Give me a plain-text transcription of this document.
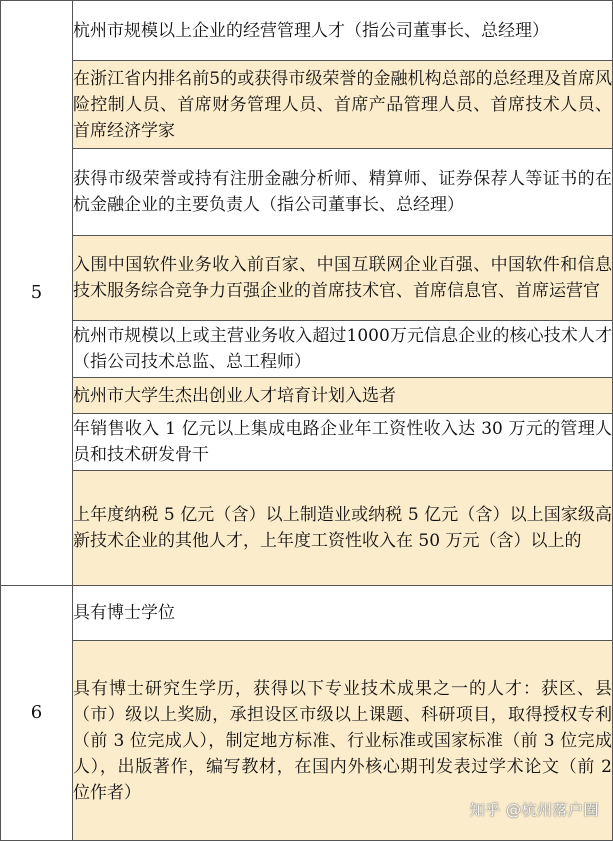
5	杭州市规模以上企业的经营管理人才（指公司董事长、总经理）
	在浙江省内排名前5的或获得市级荣誉的金融机构总部的总经理及首席风险控制人员、首席财务管理人员、首席产品管理人员、首席技术人员、首席经济学家
	获得市级荣誉或持有注册金融分析师、精算师、证券保荐人等证书的在杭金融企业的主要负责人（指公司董事长、总经理）
	入围中国软件业务收入前百家、中国互联网企业百强、中国软件和信息技术服务综合竞争力百强企业的首席技术官、首席信息官、首席运营官
	杭州市规模以上或主营业务收入超过1000万元信息企业的核心技术人才（指公司技术总监、总工程师）
	杭州市大学生杰出创业人才培育计划入选者
	年销售收入 1 亿元以上集成电路企业年工资性收入达 30 万元的管理人员和技术研发骨干
	上年度纳税 5 亿元（含）以上制造业或纳税 5 亿元（含）以上国家级高新技术企业的其他人才，上年度工资性收入在 50 万元（含）以上的
6	具有博士学位
	具有博士研究生学历，获得以下专业技术成果之一的人才：获区、县（市）级以上奖励，承担设区市级以上课题、科研项目，取得授权专利（前 3 位完成人），制定地方标准、行业标准或国家标准（前 3 位完成人），出版著作，编写教材，在国内外核心期刊发表过学术论文（前 2 位作者）
知乎 @杭州落户圈
